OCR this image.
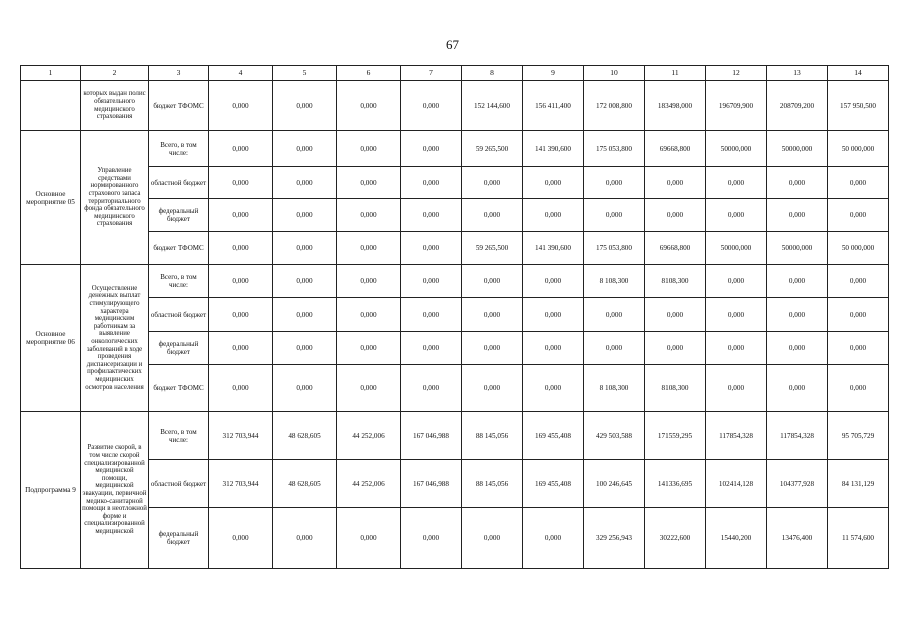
67
1	2	3	4	5	6	7	8	9	10	11	12	13	14
	которых выдан полис обязательного медицинского страхования	бюджет ТФОМС	0,000	0,000	0,000	0,000	152 144,600	156 411,400	172 008,800	183498,000	196709,900	208709,200	157 950,500
Основное мероприятие 05	Управление средствами нормированного страхового запаса территориального фонда обязательного медицинского страхования	Всего, в том числе:	0,000	0,000	0,000	0,000	59 265,500	141 390,600	175 053,800	69668,800	50000,000	50000,000	50 000,000
		областной бюджет	0,000	0,000	0,000	0,000	0,000	0,000	0,000	0,000	0,000	0,000	0,000
		федеральный бюджет	0,000	0,000	0,000	0,000	0,000	0,000	0,000	0,000	0,000	0,000	0,000
		бюджет ТФОМС	0,000	0,000	0,000	0,000	59 265,500	141 390,600	175 053,800	69668,800	50000,000	50000,000	50 000,000
Основное мероприятие 06	Осуществление денежных выплат стимулирующего характера медицинским работникам за выявление онкологических заболеваний в ходе проведения диспансеризации и профилактических медицинских осмотров населения	Всего, в том числе:	0,000	0,000	0,000	0,000	0,000	0,000	8 108,300	8108,300	0,000	0,000	0,000
		областной бюджет	0,000	0,000	0,000	0,000	0,000	0,000	0,000	0,000	0,000	0,000	0,000
		федеральный бюджет	0,000	0,000	0,000	0,000	0,000	0,000	0,000	0,000	0,000	0,000	0,000
		бюджет ТФОМС	0,000	0,000	0,000	0,000	0,000	0,000	8 108,300	8108,300	0,000	0,000	0,000
Подпрограмма 9	Развитие скорой, в том числе скорой специализированной медицинской помощи, медицинской эвакуации, первичной медико-санитарной помощи в неотложной форме и специализированной медицинской	Всего, в том числе:	312 703,944	48 628,605	44 252,006	167 046,988	88 145,056	169 455,408	429 503,588	171559,295	117854,328	117854,328	95 705,729
		областной бюджет	312 703,944	48 628,605	44 252,006	167 046,988	88 145,056	169 455,408	100 246,645	141336,695	102414,128	104377,928	84 131,129
		федеральный бюджет	0,000	0,000	0,000	0,000	0,000	0,000	329 256,943	30222,600	15440,200	13476,400	11 574,600
